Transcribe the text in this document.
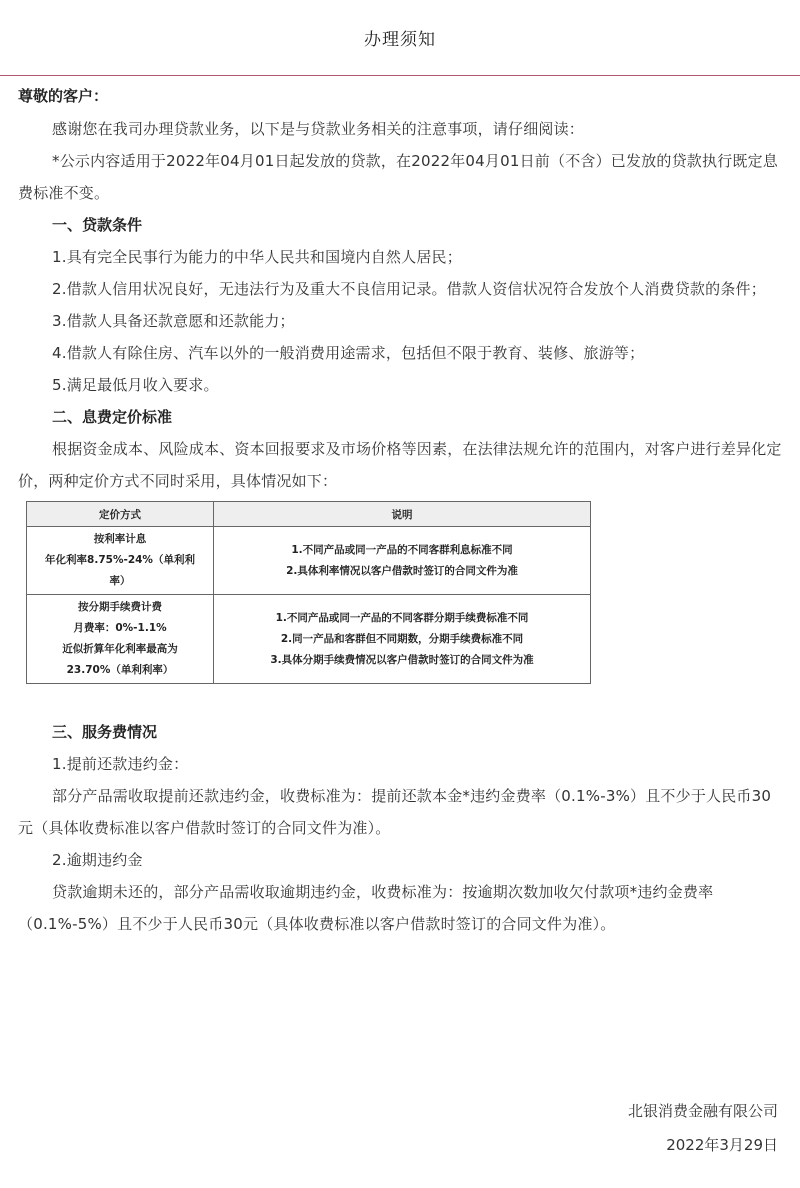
办理须知
尊敬的客户：

感谢您在我司办理贷款业务，以下是与贷款业务相关的注意事项，请仔细阅读：

*公示内容适用于2022年04月01日起发放的贷款，在2022年04月01日前（不含）已发放的贷款执行既定息费标准不变。

一、贷款条件

1.具有完全民事行为能力的中华人民共和国境内自然人居民；

2.借款人信用状况良好，无违法行为及重大不良信用记录。借款人资信状况符合发放个人消费贷款的条件；

3.借款人具备还款意愿和还款能力；

4.借款人有除住房、汽车以外的一般消费用途需求，包括但不限于教育、装修、旅游等；

5.满足最低月收入要求。

二、息费定价标准

根据资金成本、风险成本、资本回报要求及市场价格等因素，在法律法规允许的范围内，对客户进行差异化定价，两种定价方式不同时采用，具体情况如下：

定价方式	说明

按利率计息
年化利率8.75%-24%（单利利
率）	1.不同产品或同一产品的不同客群利息标准不同
2.具体利率情况以客户借款时签订的合同文件为准

按分期手续费计费
月费率：0%-1.1%
近似折算年化利率最高为
23.70%（单利利率）	1.不同产品或同一产品的不同客群分期手续费标准不同
2.同一产品和客群但不同期数，分期手续费标准不同
3.具体分期手续费情况以客户借款时签订的合同文件为准
三、服务费情况

1.提前还款违约金：

部分产品需收取提前还款违约金，收费标准为：提前还款本金*违约金费率（0.1%-3%）且不少于人民币30元（具体收费标准以客户借款时签订的合同文件为准）。

2.逾期违约金

贷款逾期未还的，部分产品需收取逾期违约金，收费标准为：按逾期次数加收欠付款项*违约金费率（0.1%-5%）且不少于人民币30元（具体收费标准以客户借款时签订的合同文件为准）。

北银消费金融有限公司
2022年3月29日
